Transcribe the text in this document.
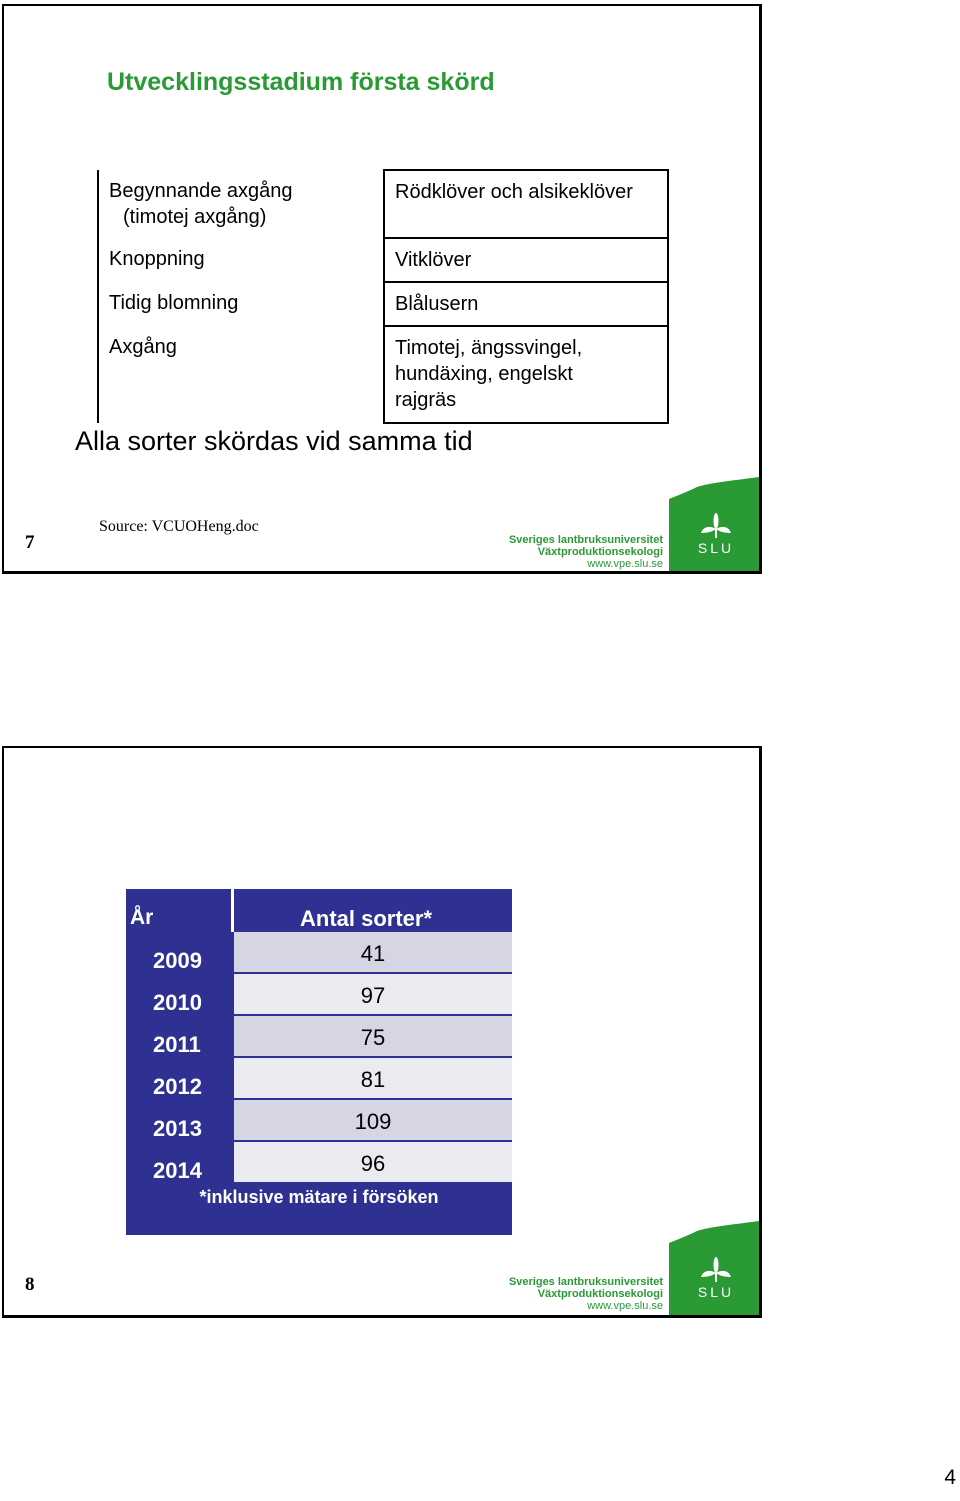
Utvecklingsstadium första skörd
Begynnande axgång
(timotej axgång)	Rödklöver och alsikeklöver
Knoppning	Vitklöver
Tidig blomning	Blålusern
Axgång	Timotej, ängssvingel,
hundäxing, engelskt
rajgräs
Alla sorter skördas vid samma tid
Source: VCUOHeng.doc
7	Sveriges lantbruksuniversitet
Växtproduktionsekologi
www.vpe.slu.se
SLU
År	Antal sorter*
2009	41
2010	97
2011	75
2012	81
2013	109
2014	96
*inklusive mätare i försöken
8	Sveriges lantbruksuniversitet
Växtproduktionsekologi
www.vpe.slu.se
SLU
4
